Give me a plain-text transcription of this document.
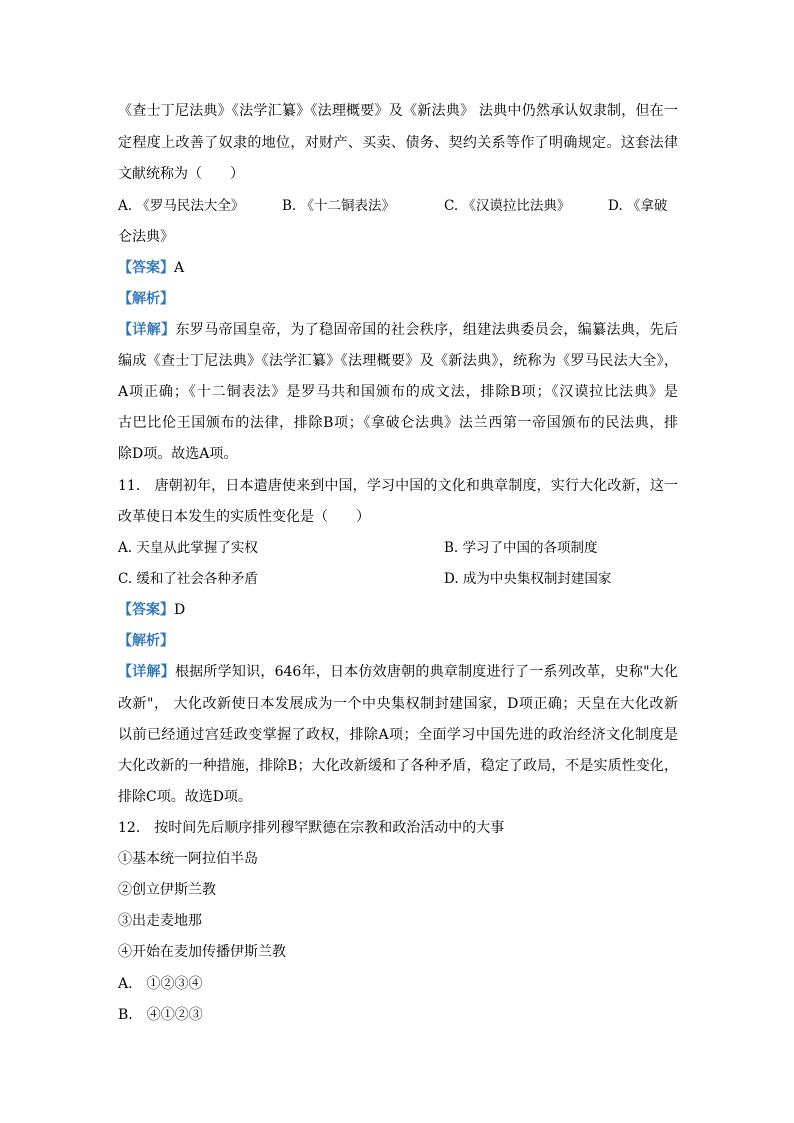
《查士丁尼法典》《法学汇纂》《法理概要》及《新法典》 法典中仍然承认奴隶制，但在一
定程度上改善了奴隶的地位，对财产、买卖、债务、契约关系等作了明确规定。这套法律
文献统称为（　　）
A. 《罗马民法大全》	B. 《十二铜表法》	C. 《汉谟拉比法典》	D. 《拿破
仑法典》
【答案】A
【解析】
【详解】东罗马帝国皇帝，为了稳固帝国的社会秩序，组建法典委员会，编纂法典，先后
编成《查士丁尼法典》《法学汇纂》《法理概要》及《新法典》，统称为《罗马民法大全》，
A项正确；《十二铜表法》是罗马共和国颁布的成文法，排除B项；《汉谟拉比法典》是
古巴比伦王国颁布的法律，排除B项；《拿破仑法典》法兰西第一帝国颁布的民法典，排
除D项。故选A项。
11.　唐朝初年，日本遣唐使来到中国，学习中国的文化和典章制度，实行大化改新，这一
改革使日本发生的实质性变化是（　　）
A. 天皇从此掌握了实权	B. 学习了中国的各项制度
C. 缓和了社会各种矛盾	D. 成为中央集权制封建国家
【答案】D
【解析】
【详解】根据所学知识，646年，日本仿效唐朝的典章制度进行了一系列改革，史称"大化
改新"， 大化改新使日本发展成为一个中央集权制封建国家，D项正确；天皇在大化改新
以前已经通过宫廷政变掌握了政权，排除A项；全面学习中国先进的政治经济文化制度是
大化改新的一种措施，排除B；大化改新缓和了各种矛盾，稳定了政局，不是实质性变化，
排除C项。故选D项。
12.　按时间先后顺序排列穆罕默德在宗教和政治活动中的大事
①基本统一阿拉伯半岛
②创立伊斯兰教
③出走麦地那
④开始在麦加传播伊斯兰教
A.　①②③④
B.　④①②③
